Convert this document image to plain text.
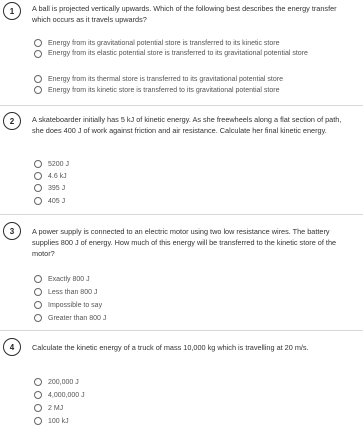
1	A ball is projected vertically upwards. Which of the following best describes the energy transfer which occurs as it travels upwards?
Energy from its gravitational potential store is transferred to its kinetic store
Energy from its elastic potential store is transferred to its gravitational potential store
Energy from its thermal store is transferred to its gravitational potential store
Energy from its kinetic store is transferred to its gravitational potential store
2	A skateboarder initially has 5 kJ of kinetic energy. As she freewheels along a flat section of path, she does 400 J of work against friction and air resistance. Calculate her final kinetic energy.
5200 J
4.6 kJ
395 J
405 J
3	A power supply is connected to an electric motor using two low resistance wires. The battery supplies 800 J of energy. How much of this energy will be transferred to the kinetic store of the motor?
Exactly 800 J
Less than 800 J
Impossible to say
Greater than 800 J
4	Calculate the kinetic energy of a truck of mass 10,000 kg which is travelling at 20 m/s.
200,000 J
4,000,000 J
2 MJ
100 kJ
